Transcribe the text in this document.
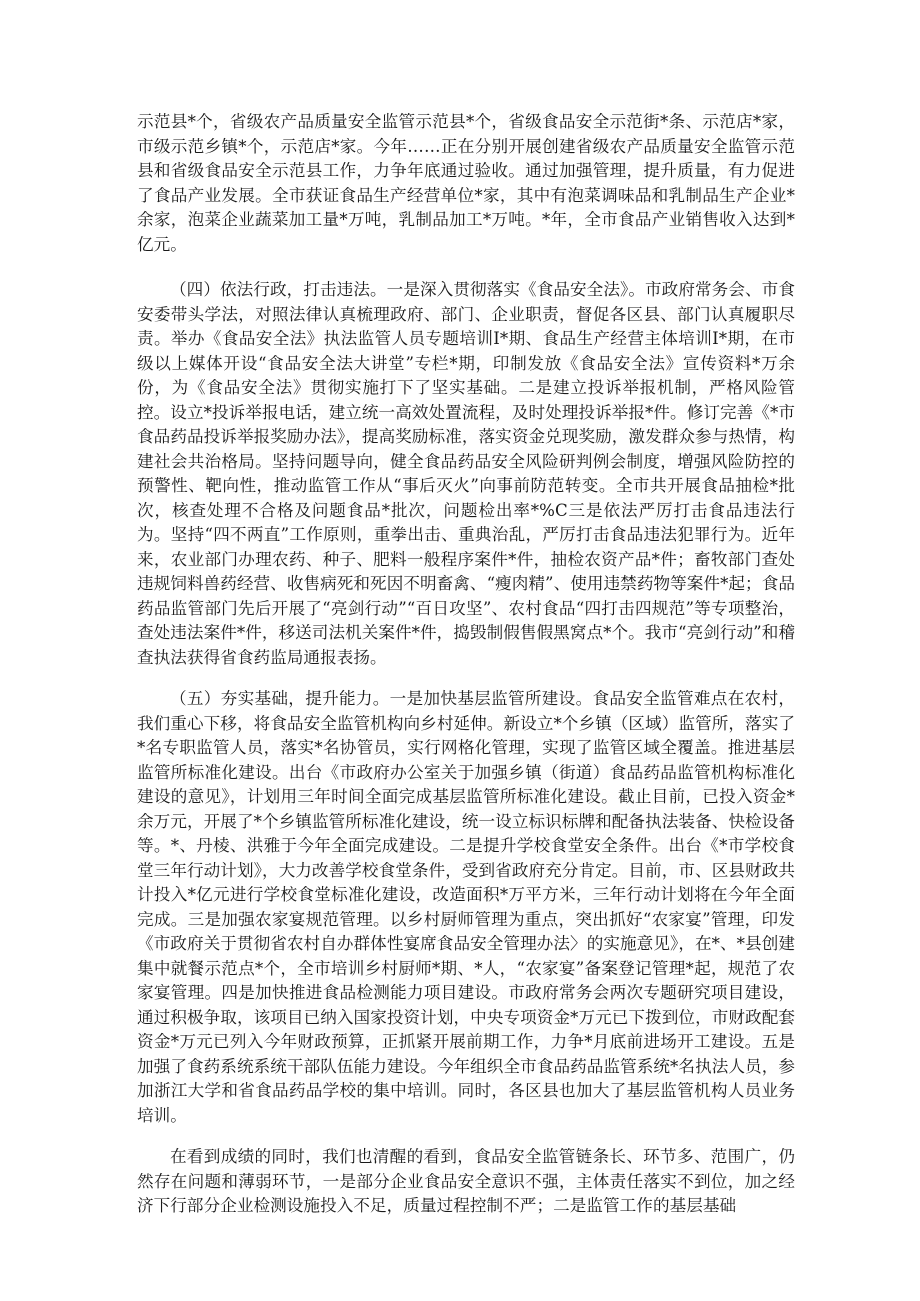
示范县*个，省级农产品质量安全监管示范县*个，省级食品安全示范街*条、示范店*家，市级示范乡镇*个，示范店*家。今年……正在分别开展创建省级农产品质量安全监管示范县和省级食品安全示范县工作，力争年底通过验收。通过加强管理，提升质量，有力促进了食品产业发展。全市获证食品生产经营单位*家，其中有泡菜调味品和乳制品生产企业*余家，泡菜企业蔬菜加工量*万吨，乳制品加工*万吨。*年，全市食品产业销售收入达到*亿元。

（四）依法行政，打击违法。一是深入贯彻落实《食品安全法》。市政府常务会、市食安委带头学法，对照法律认真梳理政府、部门、企业职责，督促各区县、部门认真履职尽责。举办《食品安全法》执法监管人员专题培训I*期、食品生产经营主体培训I*期，在市级以上媒体开设“食品安全法大讲堂”专栏*期，印制发放《食品安全法》宣传资料*万余份，为《食品安全法》贯彻实施打下了坚实基础。二是建立投诉举报机制，严格风险管控。设立*投诉举报电话，建立统一高效处置流程，及时处理投诉举报*件。修订完善《*市食品药品投诉举报奖励办法》，提高奖励标准，落实资金兑现奖励，激发群众参与热情，构建社会共治格局。坚持问题导向，健全食品药品安全风险研判例会制度，增强风险防控的预警性、靶向性，推动监管工作从“事后灭火”向事前防范转变。全市共开展食品抽检*批次，核查处理不合格及问题食品*批次，问题检出率*%C三是依法严厉打击食品违法行为。坚持“四不两直”工作原则，重拳出击、重典治乱，严厉打击食品违法犯罪行为。近年来，农业部门办理农药、种子、肥料一般程序案件*件，抽检农资产品*件；畜牧部门查处违规饲料兽药经营、收售病死和死因不明畜禽、“瘦肉精”、使用违禁药物等案件*起；食品药品监管部门先后开展了“亮剑行动”“百日攻坚”、农村食品“四打击四规范”等专项整治，查处违法案件*件，移送司法机关案件*件，捣毁制假售假黑窝点*个。我市“亮剑行动”和稽查执法获得省食药监局通报表扬。

（五）夯实基础，提升能力。一是加快基层监管所建设。食品安全监管难点在农村，我们重心下移，将食品安全监管机构向乡村延伸。新设立*个乡镇（区域）监管所，落实了*名专职监管人员，落实*名协管员，实行网格化管理，实现了监管区域全覆盖。推进基层监管所标准化建设。出台《市政府办公室关于加强乡镇（街道）食品药品监管机构标准化建设的意见》，计划用三年时间全面完成基层监管所标准化建设。截止目前，已投入资金*余万元，开展了*个乡镇监管所标准化建设，统一设立标识标牌和配备执法装备、快检设备等。*、丹棱、洪雅于今年全面完成建设。二是提升学校食堂安全条件。出台《*市学校食堂三年行动计划》，大力改善学校食堂条件，受到省政府充分肯定。目前，市、区县财政共计投入*亿元进行学校食堂标准化建设，改造面积*万平方米，三年行动计划将在今年全面完成。三是加强农家宴规范管理。以乡村厨师管理为重点，突出抓好“农家宴”管理，印发《市政府关于贯彻省农村自办群体性宴席食品安全管理办法〉的实施意见》，在*、*县创建集中就餐示范点*个，全市培训乡村厨师*期、*人，“农家宴”备案登记管理*起，规范了农家宴管理。四是加快推进食品检测能力项目建设。市政府常务会两次专题研究项目建设，通过积极争取，该项目已纳入国家投资计划，中央专项资金*万元已下拨到位，市财政配套资金*万元已列入今年财政预算，正抓紧开展前期工作，力争*月底前进场开工建设。五是加强了食药系统系统干部队伍能力建设。今年组织全市食品药品监管系统*名执法人员，参加浙江大学和省食品药品学校的集中培训。同时，各区县也加大了基层监管机构人员业务培训。

在看到成绩的同时，我们也清醒的看到，食品安全监管链条长、环节多、范围广，仍然存在问题和薄弱环节，一是部分企业食品安全意识不强，主体责任落实不到位，加之经济下行部分企业检测设施投入不足，质量过程控制不严；二是监管工作的基层基础
